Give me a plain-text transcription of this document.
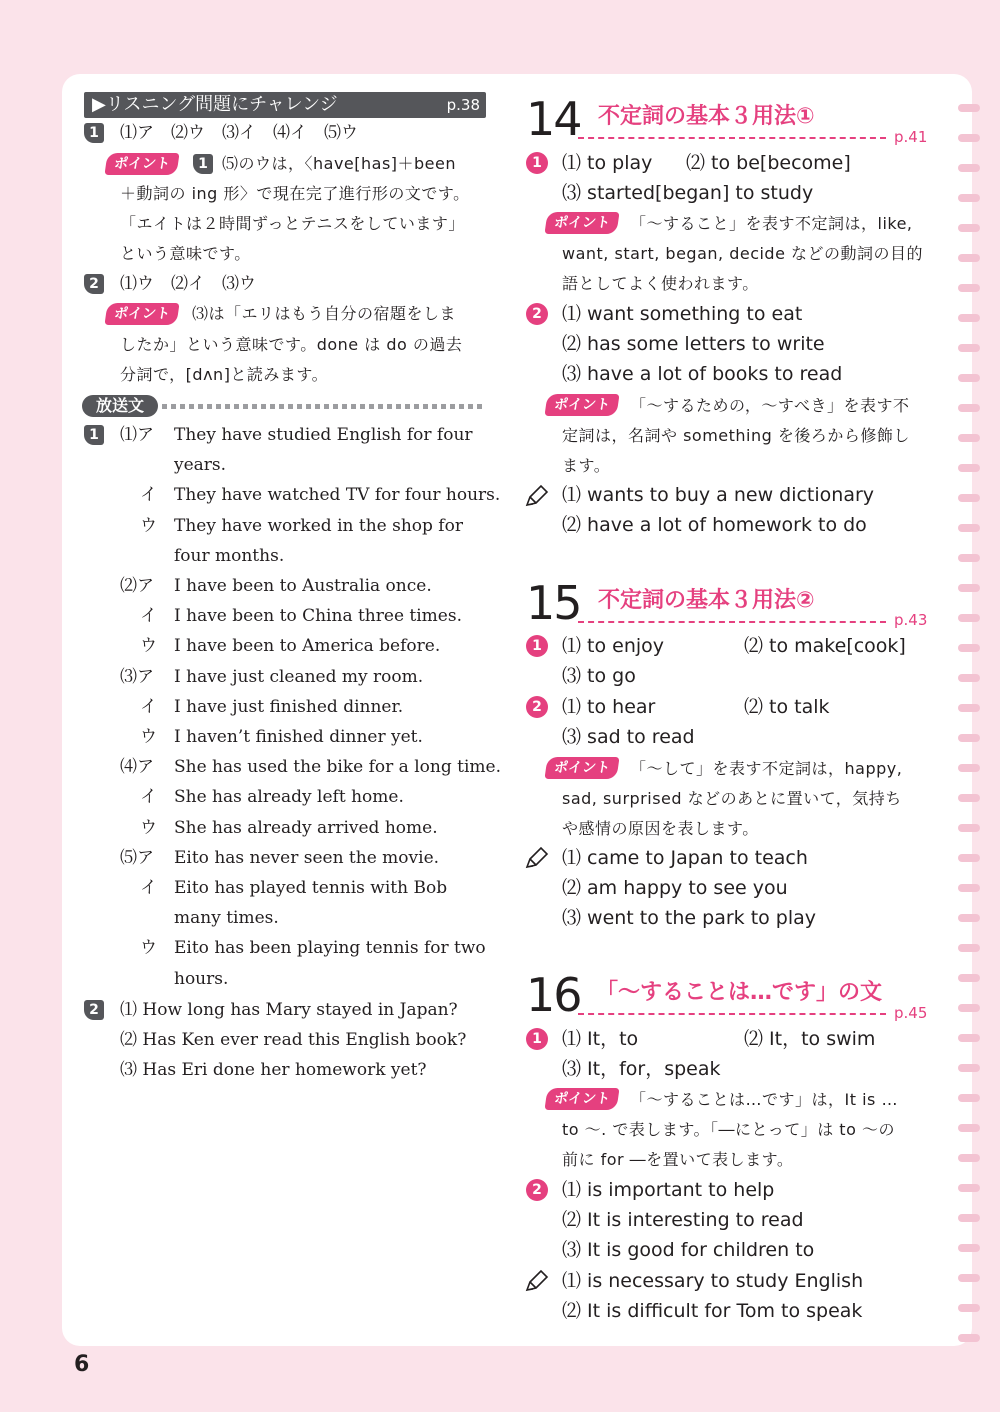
▶リスニング問題にチャレンジ	p.38
1	⑴ア　⑵ウ　⑶イ　⑷イ　⑸ウ
ポイント	1 ⑸のウは，〈have[has]＋been
＋動詞の ing 形〉で現在完了進行形の文です。
「エイトは２時間ずっとテニスをしています」
という意味です。
2	⑴ウ　⑵イ　⑶ウ
ポイント	⑶は「エリはもう自分の宿題をしま
したか」という意味です。done は do の過去
分詞で，[dʌn]と読みます。
放送文
1	⑴ア They have studied English for four
years.
イ They have watched TV for four hours.
ウ They have worked in the shop for
four months.
⑵ア I have been to Australia once.
イ I have been to China three times.
ウ I have been to America before.
⑶ア I have just cleaned my room.
イ I have just finished dinner.
ウ I haven’t finished dinner yet.
⑷ア She has used the bike for a long time.
イ She has already left home.
ウ She has already arrived home.
⑸ア Eito has never seen the movie.
イ Eito has played tennis with Bob
many times.
ウ Eito has been playing tennis for two
hours.
2	⑴ How long has Mary stayed in Japan?
⑵ Has Ken ever read this English book?
⑶ Has Eri done her homework yet?
14 不定詞の基本３用法①
p.41
1	⑴ to play ⑵ to be[become]
⑶ started[began] to study
ポイント	「～すること」を表す不定詞は，like,
want, start, began, decide などの動詞の目的
語としてよく使われます。
2	⑴ want something to eat
⑵ has some letters to write
⑶ have a lot of books to read
ポイント	「～するための，～すべき」を表す不
定詞は，名詞や something を後ろから修飾し
ます。
⑴ wants to buy a new dictionary
⑵ have a lot of homework to do
15 不定詞の基本３用法②
p.43
1	⑴ to enjoy	⑵ to make[cook]
⑶ to go
2	⑴ to hear	⑵ to talk
⑶ sad to read
ポイント	「～して」を表す不定詞は，happy,
sad, surprised などのあとに置いて，気持ち
や感情の原因を表します。
⑴ came to Japan to teach
⑵ am happy to see you
⑶ went to the park to play
16 「～することは…です」の文
p.45
1	⑴ It，to	⑵ It，to swim
⑶ It，for，speak
ポイント	「～することは…です」は，It is …
to ～. で表します。「―にとって」は to ～の
前に for ―を置いて表します。
2	⑴ is important to help
⑵ It is interesting to read
⑶ It is good for children to
⑴ is necessary to study English
⑵ It is difficult for Tom to speak
6
